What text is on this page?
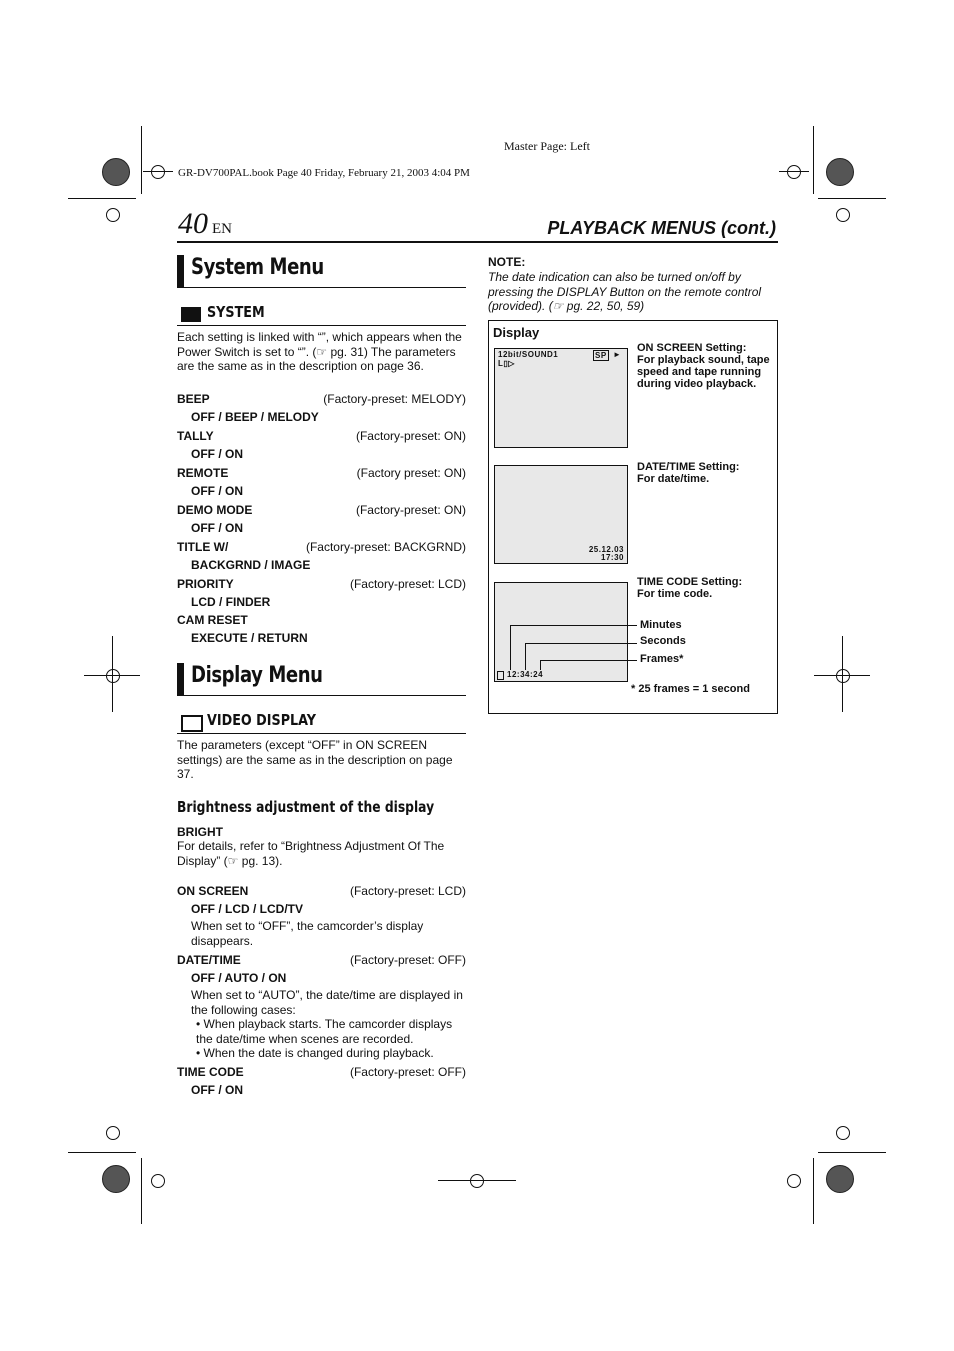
Master Page: Left
GR-DV700PAL.book Page 40 Friday, February 21, 2003 4:04 PM
40 EN	PLAYBACK MENUS (cont.)
System Menu
SYSTEM
Each setting is linked with “”, which appears when the Power Switch is set to “”. (☞ pg. 31) The parameters are the same as in the description on page 36.
BEEP	(Factory-preset: MELODY)
OFF / BEEP / MELODY
TALLY	(Factory-preset: ON)
OFF / ON
REMOTE	(Factory preset: ON)
OFF / ON
DEMO MODE	(Factory-preset: ON)
OFF / ON
TITLE W/	(Factory-preset: BACKGRND)
BACKGRND / IMAGE
PRIORITY	(Factory-preset: LCD)
LCD / FINDER
CAM RESET
EXECUTE / RETURN
Display Menu
VIDEO DISPLAY
The parameters (except “OFF” in ON SCREEN settings) are the same as in the description on page 37.
Brightness adjustment of the display
BRIGHT
For details, refer to “Brightness Adjustment Of The Display” (☞ pg. 13).
ON SCREEN	(Factory-preset: LCD)
OFF / LCD / LCD/TV
When set to “OFF”, the camcorder’s display disappears.
DATE/TIME	(Factory-preset: OFF)
OFF / AUTO / ON
When set to “AUTO”, the date/time are displayed in the following cases:
• When playback starts. The camcorder displays the date/time when scenes are recorded.
• When the date is changed during playback.
TIME CODE	(Factory-preset: OFF)
OFF / ON
NOTE:
The date indication can also be turned on/off by pressing the DISPLAY Button on the remote control (provided). (☞ pg. 22, 50, 59)
Display
12bit/SOUND1
L▯▷
SP ►
ON SCREEN Setting:
For playback sound, tape speed and tape running during video playback.
25.12.03
17:30
DATE/TIME Setting:
For date/time.
12:34:24
TIME CODE Setting:
For time code.
Minutes
Seconds
Frames*
* 25 frames = 1 second
